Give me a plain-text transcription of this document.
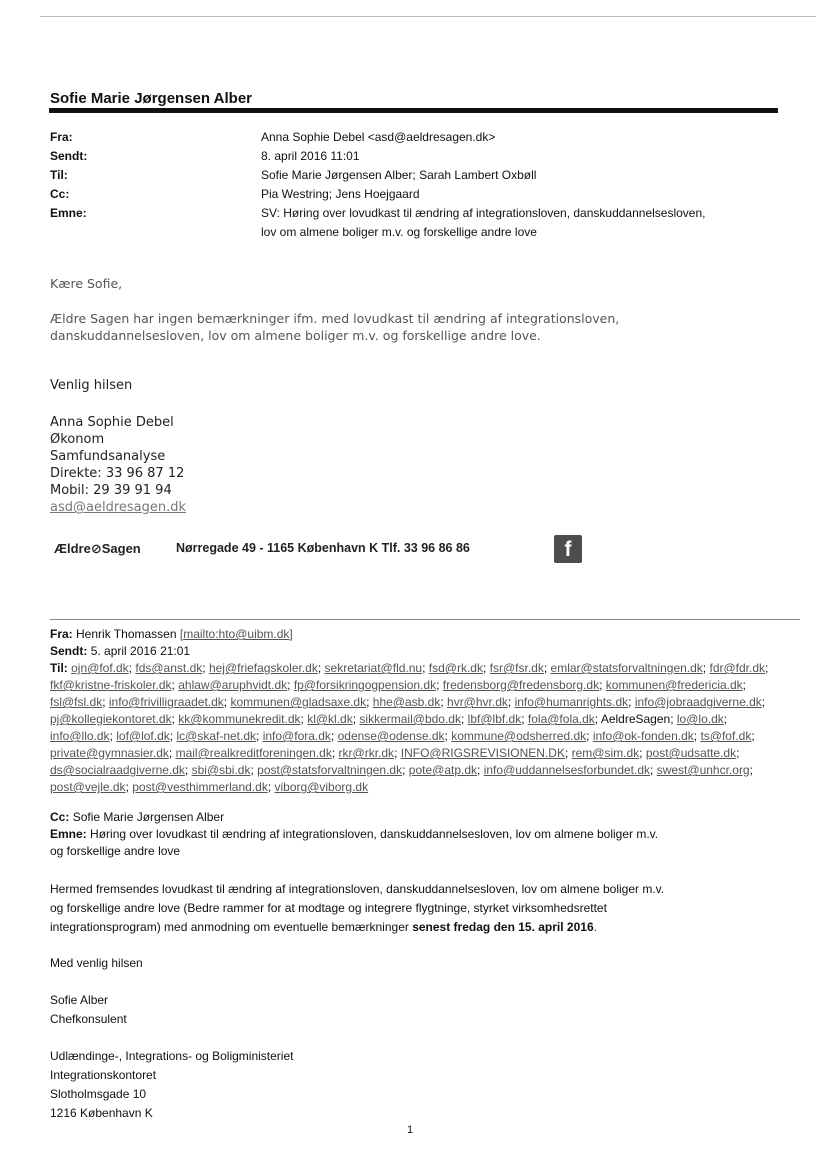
Sofie Marie Jørgensen Alber
Fra:	Anna Sophie Debel <asd@aeldresagen.dk>
Sendt:	8. april 2016 11:01
Til:	Sofie Marie Jørgensen Alber; Sarah Lambert Oxbøll
Cc:	Pia Westring; Jens Hoejgaard
Emne:	SV: Høring over lovudkast til ændring af integrationsloven, danskuddannelsesloven,
lov om almene boliger m.v. og forskellige andre love
Kære Sofie,
Ældre Sagen har ingen bemærkninger ifm. med lovudkast til ændring af integrationsloven,
danskuddannelsesloven, lov om almene boliger m.v. og forskellige andre love.
Venlig hilsen
Anna Sophie Debel
Økonom
Samfundsanalyse
Direkte: 33 96 87 12
Mobil: 29 39 91 94
asd@aeldresagen.dk
Ældre⊘Sagen	Nørregade 49 - 1165 København K Tlf. 33 96 86 86	f
Fra: Henrik Thomassen [mailto:hto@uibm.dk]
Sendt: 5. april 2016 21:01
Til: ojn@fof.dk; fds@anst.dk; hej@friefagskoler.dk; sekretariat@fld.nu; fsd@rk.dk; fsr@fsr.dk; emlar@statsforvaltningen.dk; fdr@fdr.dk; fkf@kristne-friskoler.dk; ahlaw@aruphvidt.dk; fp@forsikringogpension.dk; fredensborg@fredensborg.dk; kommunen@fredericia.dk; fsl@fsl.dk; info@frivilligraadet.dk; kommunen@gladsaxe.dk; hhe@asb.dk; hvr@hvr.dk; info@humanrights.dk; info@jobraadgiverne.dk; pj@kollegiekontoret.dk; kk@kommunekredit.dk; kl@kl.dk; sikkermail@bdo.dk; lbf@lbf.dk; fola@fola.dk; AeldreSagen; lo@lo.dk; info@llo.dk; lof@lof.dk; lc@skaf-net.dk; info@fora.dk; odense@odense.dk; kommune@odsherred.dk; info@ok-fonden.dk; ts@fof.dk; private@gymnasier.dk; mail@realkreditforeningen.dk; rkr@rkr.dk; INFO@RIGSREVISIONEN.DK; rem@sim.dk; post@udsatte.dk; ds@socialraadgiverne.dk; sbi@sbi.dk; post@statsforvaltningen.dk; pote@atp.dk; info@uddannelsesforbundet.dk; swest@unhcr.org; post@vejle.dk; post@vesthimmerland.dk; viborg@viborg.dk
Cc: Sofie Marie Jørgensen Alber
Emne: Høring over lovudkast til ændring af integrationsloven, danskuddannelsesloven, lov om almene boliger m.v.
og forskellige andre love
Hermed fremsendes lovudkast til ændring af integrationsloven, danskuddannelsesloven, lov om almene boliger m.v.
og forskellige andre love (Bedre rammer for at modtage og integrere flygtninge, styrket virksomhedsrettet
integrationsprogram) med anmodning om eventuelle bemærkninger senest fredag den 15. april 2016.
Med venlig hilsen
Sofie Alber
Chefkonsulent
Udlændinge-, Integrations- og Boligministeriet
Integrationskontoret
Slotholmsgade 10
1216 København K
1
